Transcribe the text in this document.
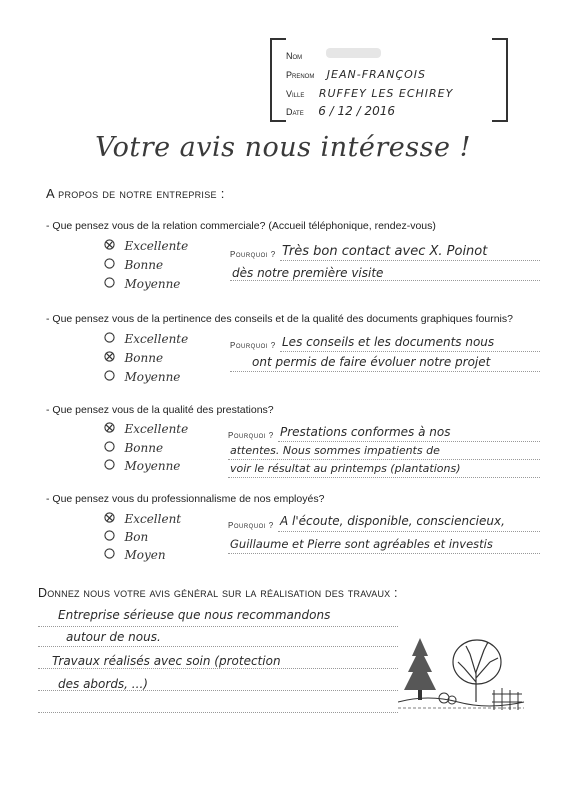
Nom
Prenom JEAN-FRANÇOIS
Ville RUFFEY LES ECHIREY
Date 6 / 12 / 2016
Votre avis nous intéresse !
A propos de notre entreprise :
- Que pensez vous de la relation commerciale? (Accueil téléphonique, rendez-vous)
Excellente
Bonne
Moyenne
Pourquoi ? Très bon contact avec X. Poinot
dès notre première visite
- Que pensez vous de la pertinence des conseils et de la qualité des documents graphiques fournis?
Excellente
Bonne
Moyenne
Pourquoi ? Les conseils et les documents nous
ont permis de faire évoluer notre projet
- Que pensez vous de la qualité des prestations?
Excellente
Bonne
Moyenne
Pourquoi ? Prestations conformes à nos
attentes. Nous sommes impatients de
voir le résultat au printemps (plantations)
- Que pensez vous du professionnalisme de nos employés?
Excellent
Bon
Moyen
Pourquoi ? A l'écoute, disponible, consciencieux,
Guillaume et Pierre sont agréables et investis
Donnez nous votre avis général sur la réalisation des travaux :
Entreprise sérieuse que nous recommandons
autour de nous.
Travaux réalisés avec soin (protection
des abords, ...)
